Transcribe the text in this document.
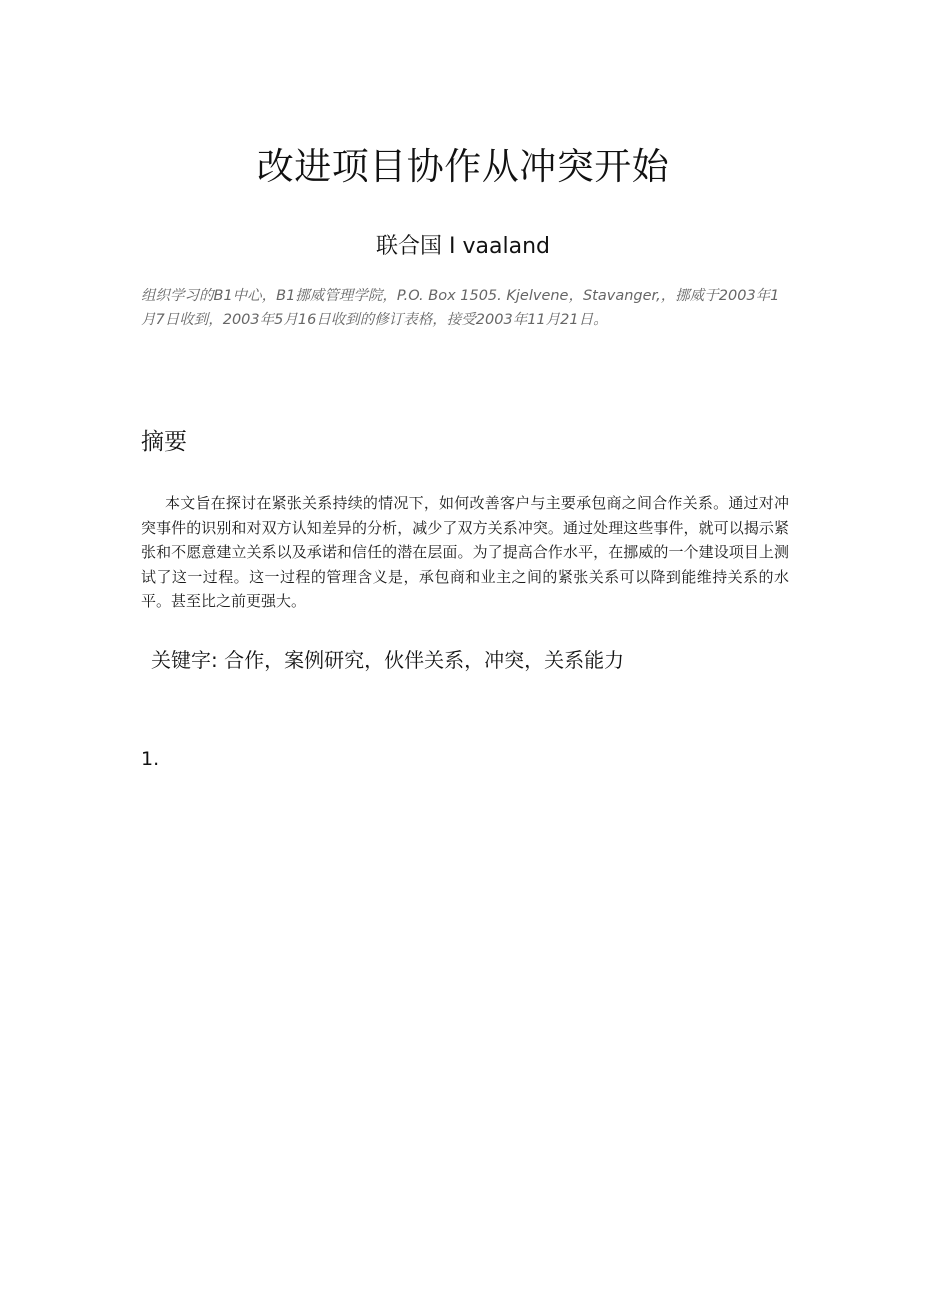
改进项目协作从冲突开始

联合国 I vaaland

组织学习的B1中心，B1挪威管理学院，P.O. Box 1505. Kjelvene，Stavanger,，挪威于2003年1月7日收到，2003年5月16日收到的修订表格，接受2003年11月21日。

摘要

本文旨在探讨在紧张关系持续的情况下，如何改善客户与主要承包商之间合作关系。通过对冲突事件的识别和对双方认知差异的分析，减少了双方关系冲突。通过处理这些事件，就可以揭示紧张和不愿意建立关系以及承诺和信任的潜在层面。为了提高合作水平，在挪威的一个建设项目上测试了这一过程。这一过程的管理含义是，承包商和业主之间的紧张关系可以降到能维持关系的水平。甚至比之前更强大。

关键字: 合作，案例研究，伙伴关系，冲突，关系能力

1.
